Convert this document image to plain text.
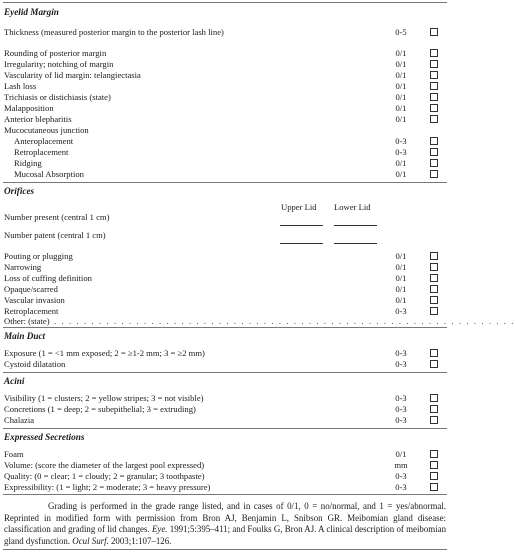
Eyelid Margin
Thickness (measured posterior margin to the posterior lash line)	0-5
Rounding of posterior margin	0/1
Irregularity; notching of margin	0/1
Vascularity of lid margin: telangiectasia	0/1
Lash loss	0/1
Trichiasis or distichiasis (state)	0/1
Malapposition	0/1
Anterior blepharitis	0/1
Mucocutaneous junction
Anteroplacement	0-3
Retroplacement	0-3
Ridging	0/1
Mucosal Absorption	0/1
Orifices
Upper Lid Lower Lid
Number present (central 1 cm)
Number patent (central 1 cm)
Pouting or plugging	0/1
Narrowing	0/1
Loss of cuffing definition	0/1
Opaque/scarred	0/1
Vascular invasion	0/1
Retroplacement	0-3
Other: (state) . . . . . . . . . . . . . . . . . . . . . . . . . . . . . . . . . . . . . . . . . . . . . . . . . . . . . . . . . . . . . .
Main Duct
Exposure (1 = <1 mm exposed; 2 = ≥1-2 mm; 3 = ≥2 mm)	0-3
Cystoid dilatation	0-3
Acini
Visibility (1 = clusters; 2 = yellow stripes; 3 = not visible)	0-3
Concretions (1 = deep; 2 = subepithelial; 3 = extruding)	0-3
Chalazia	0-3
Expressed Secretions
Foam	0/1
Volume: (score the diameter of the largest pool expressed)	mm
Quality: (0 = clear; 1 = cloudy; 2 = granular; 3 toothpaste)	0-3
Expressibility: (1 = light; 2 = moderate; 3 = heavy pressure)	0-3
Grading is performed in the grade range listed, and in cases of 0/1, 0 = no/normal, and 1 = yes/abnormal. Reprinted in modified form with permission from Bron AJ, Benjamin L, Snibson GR. Meibomian gland disease: classification and grading of lid changes. Eye. 1991;5:395–411; and Foulks G, Bron AJ. A clinical description of meibomian gland dysfunction. Ocul Surf. 2003;1:107–126.
